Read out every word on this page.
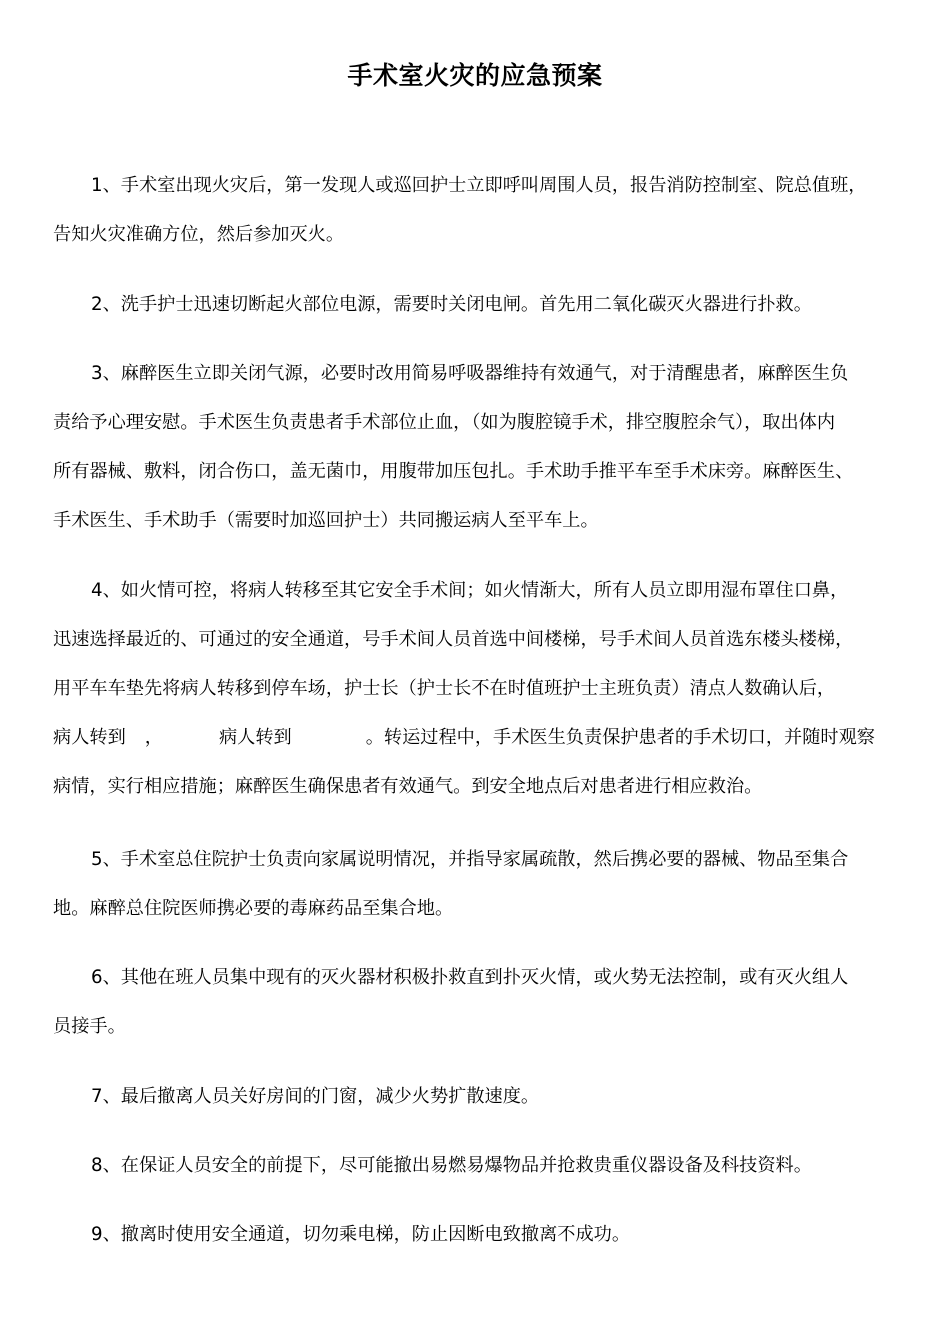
手术室火灾的应急预案
1、手术室出现火灾后，第一发现人或巡回护士立即呼叫周围人员，报告消防控制室、院总值班，
告知火灾准确方位，然后参加灭火。
2、洗手护士迅速切断起火部位电源，需要时关闭电闸。首先用二氧化碳灭火器进行扑救。
3、麻醉医生立即关闭气源，必要时改用简易呼吸器维持有效通气，对于清醒患者，麻醉医生负
责给予心理安慰。手术医生负责患者手术部位止血，（如为腹腔镜手术，排空腹腔余气），取出体内
所有器械、敷料，闭合伤口，盖无菌巾，用腹带加压包扎。手术助手推平车至手术床旁。麻醉医生、
手术医生、手术助手（需要时加巡回护士）共同搬运病人至平车上。
4、如火情可控，将病人转移至其它安全手术间；如火情渐大，所有人员立即用湿布罩住口鼻，
迅速选择最近的、可通过的安全通道，号手术间人员首选中间楼梯，号手术间人员首选东楼头楼梯，
用平车车垫先将病人转移到停车场，护士长（护士长不在时值班护士主班负责）清点人数确认后，
病人转到 ，	病人转到	。转运过程中，手术医生负责保护患者的手术切口，并随时观察
病情，实行相应措施；麻醉医生确保患者有效通气。到安全地点后对患者进行相应救治。
5、手术室总住院护士负责向家属说明情况，并指导家属疏散，然后携必要的器械、物品至集合
地。麻醉总住院医师携必要的毒麻药品至集合地。
6、其他在班人员集中现有的灭火器材积极扑救直到扑灭火情，或火势无法控制，或有灭火组人
员接手。
7、最后撤离人员关好房间的门窗，减少火势扩散速度。
8、在保证人员安全的前提下，尽可能撤出易燃易爆物品并抢救贵重仪器设备及科技资料。
9、撤离时使用安全通道，切勿乘电梯，防止因断电致撤离不成功。
